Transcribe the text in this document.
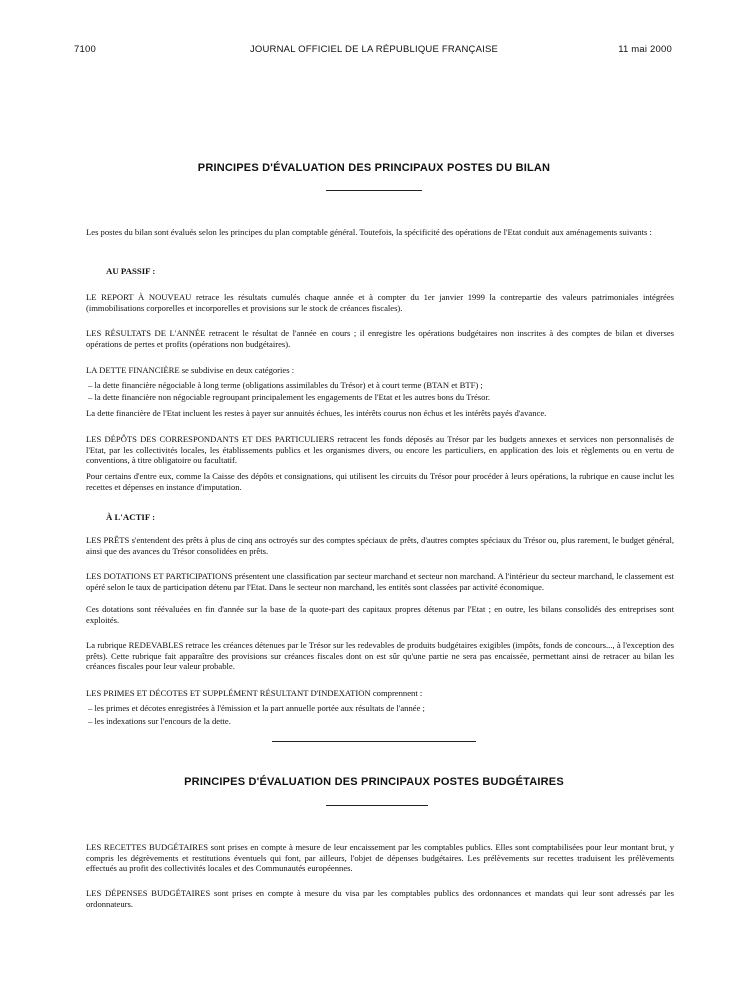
7100	JOURNAL OFFICIEL DE LA RÉPUBLIQUE FRANÇAISE	11 mai 2000
PRINCIPES D'ÉVALUATION DES PRINCIPAUX POSTES DU BILAN
Les postes du bilan sont évalués selon les principes du plan comptable général. Toutefois, la spécificité des opérations de l'Etat conduit aux aménagements suivants :
AU PASSIF :
LE REPORT À NOUVEAU retrace les résultats cumulés chaque année et à compter du 1er janvier 1999 la contrepartie des valeurs patrimoniales intégrées (immobilisations corporelles et incorporelles et provisions sur le stock de créances fiscales).
LES RÉSULTATS DE L'ANNÉE retracent le résultat de l'année en cours ; il enregistre les opérations budgétaires non inscrites à des comptes de bilan et diverses opérations de pertes et profits (opérations non budgétaires).
LA DETTE FINANCIÈRE se subdivise en deux catégories :
– la dette financière négociable à long terme (obligations assimilables du Trésor) et à court terme (BTAN et BTF) ;
– la dette financière non négociable regroupant principalement les engagements de l'Etat et les autres bons du Trésor.
La dette financière de l'Etat incluent les restes à payer sur annuités échues, les intérêts courus non échus et les intérêts payés d'avance.
LES DÉPÔTS DES CORRESPONDANTS ET DES PARTICULIERS retracent les fonds déposés au Trésor par les budgets annexes et services non personnalisés de l'Etat, par les collectivités locales, les établissements publics et les organismes divers, ou encore les particuliers, en application des lois et règlements ou en vertu de conventions, à titre obligatoire ou facultatif.
Pour certains d'entre eux, comme la Caisse des dépôts et consignations, qui utilisent les circuits du Trésor pour procéder à leurs opérations, la rubrique en cause inclut les recettes et dépenses en instance d'imputation.
À L'ACTIF :
LES PRÊTS s'entendent des prêts à plus de cinq ans octroyés sur des comptes spéciaux de prêts, d'autres comptes spéciaux du Trésor ou, plus rarement, le budget général, ainsi que des avances du Trésor consolidées en prêts.
LES DOTATIONS ET PARTICIPATIONS présentent une classification par secteur marchand et secteur non marchand. A l'intérieur du secteur marchand, le classement est opéré selon le taux de participation détenu par l'Etat. Dans le secteur non marchand, les entités sont classées par activité économique.
Ces dotations sont réévaluées en fin d'année sur la base de la quote-part des capitaux propres détenus par l'Etat ; en outre, les bilans consolidés des entreprises sont exploités.
La rubrique REDEVABLES retrace les créances détenues par le Trésor sur les redevables de produits budgétaires exigibles (impôts, fonds de concours..., à l'exception des prêts). Cette rubrique fait apparaître des provisions sur créances fiscales dont on est sûr qu'une partie ne sera pas encaissée, permettant ainsi de retracer au bilan les créances fiscales pour leur valeur probable.
LES PRIMES ET DÉCOTES ET SUPPLÉMENT RÉSULTANT D'INDEXATION comprennent :
– les primes et décotes enregistrées à l'émission et la part annuelle portée aux résultats de l'année ;
– les indexations sur l'encours de la dette.
PRINCIPES D'ÉVALUATION DES PRINCIPAUX POSTES BUDGÉTAIRES
LES RECETTES BUDGÉTAIRES sont prises en compte à mesure de leur encaissement par les comptables publics. Elles sont comptabilisées pour leur montant brut, y compris les dégrèvements et restitutions éventuels qui font, par ailleurs, l'objet de dépenses budgétaires. Les prélèvements sur recettes traduisent les prélèvements effectués au profit des collectivités locales et des Communautés européennes.
LES DÉPENSES BUDGÉTAIRES sont prises en compte à mesure du visa par les comptables publics des ordonnances et mandats qui leur sont adressés par les ordonnateurs.
